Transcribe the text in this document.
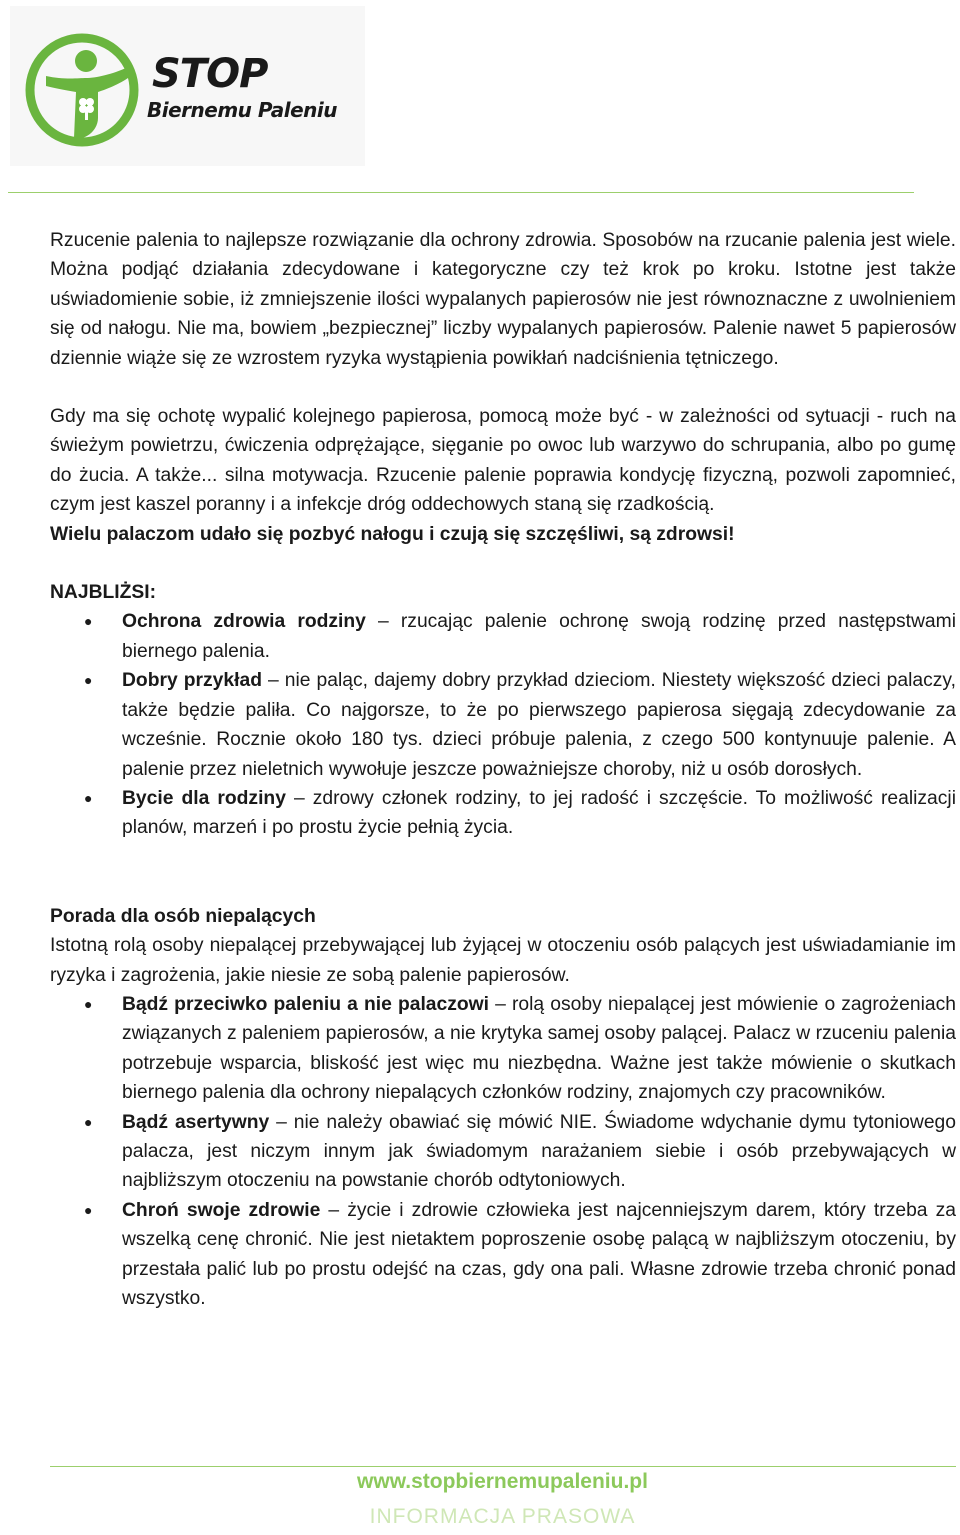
STOP
Biernemu Paleniu

Rzucenie palenia to najlepsze rozwiązanie dla ochrony zdrowia. Sposobów na rzucanie palenia jest wiele. Można podjąć działania zdecydowane i kategoryczne czy też krok po kroku. Istotne jest także uświadomienie sobie, iż zmniejszenie ilości wypalanych papierosów nie jest równoznaczne z uwolnieniem się od nałogu. Nie ma, bowiem „bezpiecznej” liczby wypalanych papierosów. Palenie nawet 5 papierosów dziennie wiąże się ze wzrostem ryzyka wystąpienia powikłań nadciśnienia tętniczego.

Gdy ma się ochotę wypalić kolejnego papierosa, pomocą może być - w zależności od sytuacji - ruch na świeżym powietrzu, ćwiczenia odprężające, sięganie po owoc lub warzywo do schrupania, albo po gumę do żucia. A także... silna motywacja. Rzucenie palenie poprawia kondycję fizyczną, pozwoli zapomnieć, czym jest kaszel poranny i a infekcje dróg oddechowych staną się rzadkością.

Wielu palaczom udało się pozbyć nałogu i czują się szczęśliwi, są zdrowsi!

NAJBLIŻSI:

● Ochrona zdrowia rodziny – rzucając palenie ochronę swoją rodzinę przed następstwami biernego palenia.
● Dobry przykład – nie paląc, dajemy dobry przykład dzieciom. Niestety większość dzieci palaczy, także będzie paliła. Co najgorsze, to że po pierwszego papierosa sięgają zdecydowanie za wcześnie. Rocznie około 180 tys. dzieci próbuje palenia, z czego 500 kontynuuje palenie. A palenie przez nieletnich wywołuje jeszcze poważniejsze choroby, niż u osób dorosłych.
● Bycie dla rodziny – zdrowy członek rodziny, to jej radość i szczęście. To możliwość realizacji planów, marzeń i po prostu życie pełnią życia.

Porada dla osób niepalących

Istotną rolą osoby niepalącej przebywającej lub żyjącej w otoczeniu osób palących jest uświadamianie im ryzyka i zagrożenia, jakie niesie ze sobą palenie papierosów.

● Bądź przeciwko paleniu a nie palaczowi – rolą osoby niepalącej jest mówienie o zagrożeniach związanych z paleniem papierosów, a nie krytyka samej osoby palącej. Palacz w rzuceniu palenia potrzebuje wsparcia, bliskość jest więc mu niezbędna. Ważne jest także mówienie o skutkach biernego palenia dla ochrony niepalących członków rodziny, znajomych czy pracowników.
● Bądź asertywny – nie należy obawiać się mówić NIE. Świadome wdychanie dymu tytoniowego palacza, jest niczym innym jak świadomym narażaniem siebie i osób przebywających w najbliższym otoczeniu na powstanie chorób odtytoniowych.
● Chroń swoje zdrowie – życie i zdrowie człowieka jest najcenniejszym darem, który trzeba za wszelką cenę chronić. Nie jest nietaktem poproszenie osobę palącą w najbliższym otoczeniu, by przestała palić lub po prostu odejść na czas, gdy ona pali. Własne zdrowie trzeba chronić ponad wszystko.
www.stopbiernemupaleniu.pl
INFORMACJA PRASOWA
